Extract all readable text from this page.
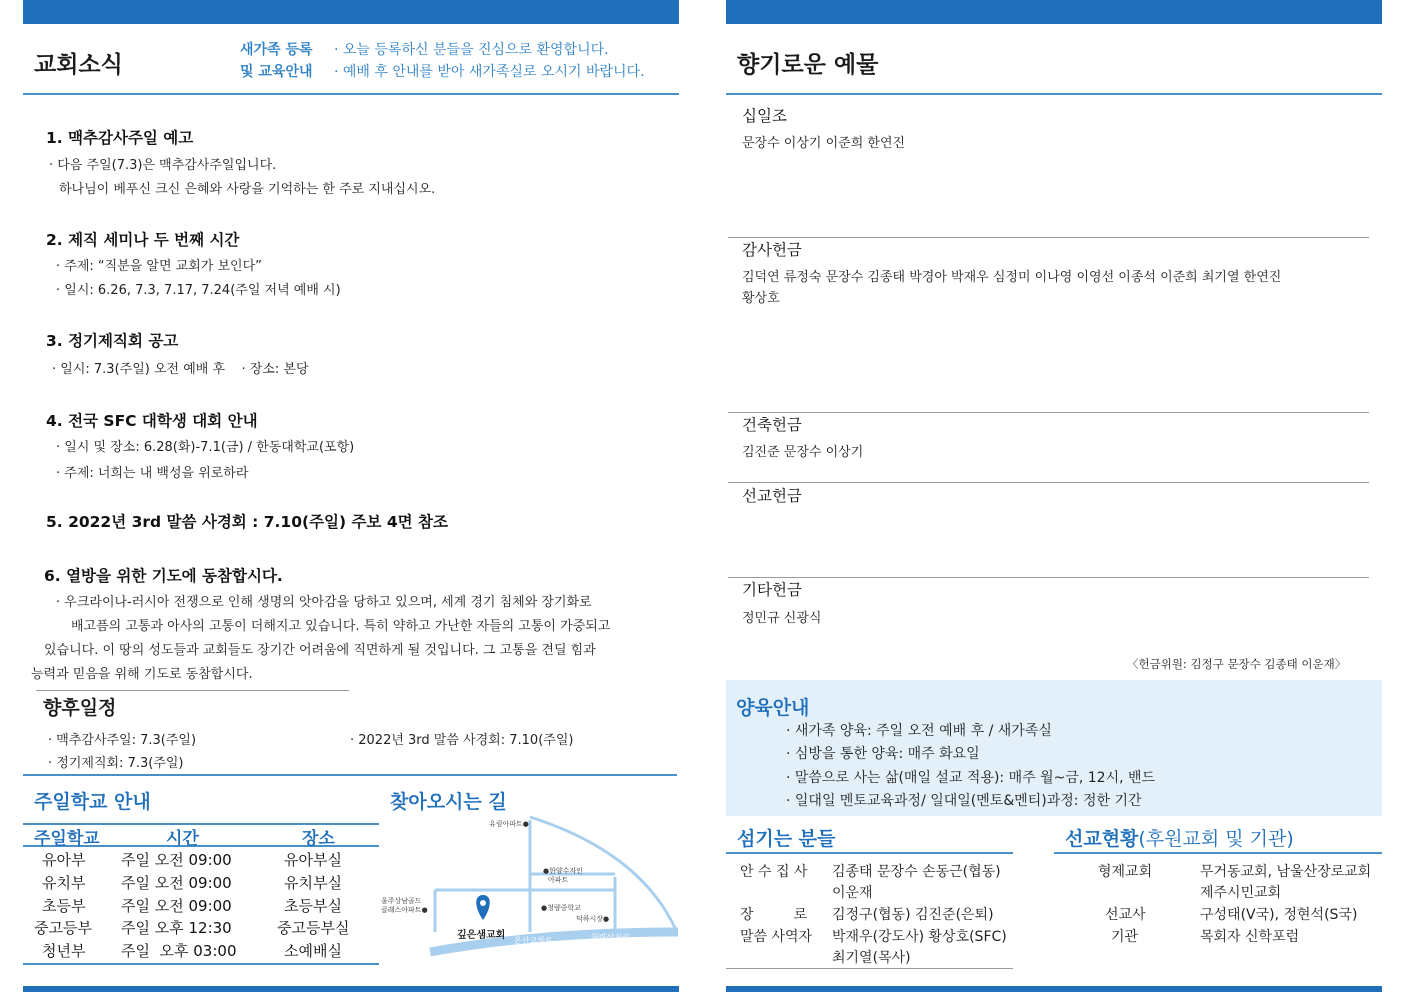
교회소식
새가족 등록
및 교육안내
· 오늘 등록하신 분들을 진심으로 환영합니다.
· 예배 후 안내를 받아 새가족실로 오시기 바랍니다.
1. 맥추감사주일 예고
· 다음 주일(7.3)은 맥추감사주일입니다.
하나님이 베푸신 크신 은혜와 사랑을 기억하는 한 주로 지내십시오.
2. 제직 세미나 두 번째 시간
· 주제: “직분을 알면 교회가 보인다”
· 일시: 6.26, 7.3, 7.17, 7.24(주일 저녁 예배 시)
3. 정기제직회 공고
· 일시: 7.3(주일) 오전 예배 후    · 장소: 본당
4. 전국 SFC 대학생 대회 안내
· 일시 및 장소: 6.28(화)-7.1(금) / 한동대학교(포항)
· 주제: 너희는 내 백성을 위로하라
5. 2022년 3rd 말씀 사경회 : 7.10(주일) 주보 4면 참조
6. 열방을 위한 기도에 동참합시다.
· 우크라이나-러시아 전쟁으로 인해 생명의 앗아감을 당하고 있으며, 세계 경기 침체와 장기화로
배고픔의 고통과 아사의 고통이 더해지고 있습니다. 특히 약하고 가난한 자들의 고통이 가중되고
있습니다. 이 땅의 성도들과 교회들도 장기간 어려움에 직면하게 될 것입니다. 그 고통을 견딜 힘과
능력과 믿음을 위해 기도로 동참합시다.
향후일정
· 맥추감사주일: 7.3(주일)	· 2022년 3rd 말씀 사경회: 7.10(주일)
· 정기제직회: 7.3(주일)
주일학교 안내
주일학교	시간	장소
유아부 주일 오전 09:00	유아부실
유치부 주일 오전 09:00	유치부실
초등부 주일 오전 09:00	초등부실
중고등부 주일 오후 12:30	중고등부실
청년부 주일  오후 03:00	소예배실
찾아오시는 길
유림아파트●
●한양수자인
아파트
울주상남골드
클래스아파트●	●청량중학교
덕하시장●
깊은샘교회 온산교차로	청량삼거리
향기로운 예물
십일조
문장수 이상기 이준희 한연진
감사헌금
김덕연 류정숙 문장수 김종태 박경아 박재우 심정미 이나영 이영선 이종석 이준희 최기열 한연진
황상호
건축헌금
김진준 문장수 이상기
선교헌금
기타헌금
정민규 신광식
〈헌금위원: 김정구 문장수 김종태 이운재〉
양육안내
· 새가족 양육: 주일 오전 예배 후 / 새가족실
· 심방을 통한 양육: 매주 화요일
· 말씀으로 사는 삶(매일 설교 적용): 매주 월~금, 12시, 밴드
· 일대일 멘토교육과정/ 일대일(멘토&멘티)과정: 정한 기간
섬기는 분들
안 수 집 사 김종태 문장수 손동근(협동)
이운재
장         로 김정구(협동) 김진준(은퇴)
말씀 사역자 박재우(강도사) 황상호(SFC)
최기열(목사)
선교현황(후원교회 및 기관)
형제교회	무거동교회, 남울산장로교회
제주시민교회
선교사	구성태(V국), 정현석(S국)
기관	목회자 신학포럼
